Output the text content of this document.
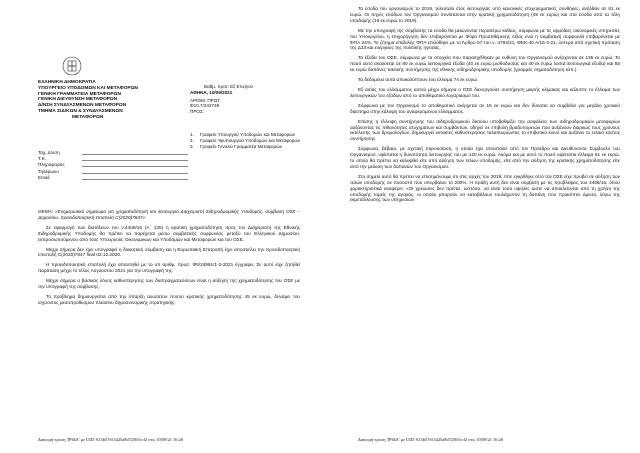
ΕΛΛΗΝΙΚΗ ΔΗΜΟΚΡΑΤΙΑ
ΥΠΟΥΡΓΕΙΟ ΥΠΟΔΟΜΩΝ ΚΑΙ ΜΕΤΑΦΟΡΩΝ
ΓΕΝΙΚΗ ΓΡΑΜΜΑΤΕΙΑ ΜΕΤΑΦΟΡΩΝ
ΓΕΝΙΚΗ ΔΙΕΥΘΥΝΣΗ ΜΕΤΑΦΟΡΩΝ
Δ/ΝΣΗ ΣΥΝΔΥΑΣΜΕΝΩΝ ΜΕΤΑΦΟΡΩΝ
ΤΜΗΜΑ ΣΙΔ/ΚΩΝ & ΣΥΝΔΥΑΣΜΕΝΩΝ
ΜΕΤΑΦΟΡΩΝ
Βαθμ. προτ: Εξ Επείγον
ΑΘΗΝΑ, 10/09/2021
ΑΡΙΘΜ. ΠΡΩΤ.
Φ10.7/242749
ΠΡΟΣ:
1.	Γραφείο Υπουργού Υποδομών και Μεταφορών
2.	Γραφείο Υφυπουργού Υποδομών και Μεταφορών
3.	Γραφείο Γενικού Γραμματέα Μεταφορών
Ταχ. Δ/νση
Τ.Κ.
Πληροφορίες
Τηλέφωνο
Email

ΘΕΜΑ: «Ενημερωτικό σημείωμα για χρηματοδότηση και λειτουργία Διαχειριστή Σιδηροδρομικής Υποδομής, σύμβαση ΟΣΕ – Δημοσίου, προειδοποιητική επιστολή C(2020)7847»

Σε εφαρμογή των διατάξεων του ν.4408/16 (Α΄ 135) η κρατική χρηματοδότηση προς τον Διαχειριστή της Εθνικής Σιδηροδρομικής Υποδομής θα πρέπει να παρέχεται μέσω συμβατικής συμφωνίας μεταξύ του Ελληνικού Δημοσίου, εκπροσωπούμενου από τους Υπουργούς Οικονομικών και Υποδομών και Μεταφορών και του ΟΣΕ.

Μέχρι σήμερα δεν έχει υπογραφεί η διοικητική σύμβαση και η Ευρωπαϊκή Επιτροπή έχει αποστείλει την προειδοποιητική επιστολή C(2020)7847 final 02.12.2020.

Η προειδοποιητική επιστολή έχει απαντηθεί με το υπ αριθμ. πρωτ. Φ5/24991/1-2-2021 έγγραφο. Σε αυτό είχε ζητηθεί παράταση μέχρι το τέλος Αυγούστου 2021 για την υπογραφή της.

Μέχρι σήμερα ο βασικός λόγος καθυστέρησης των διαπραγματεύσεων είναι η αύξηση της χρηματοδότησης του ΟΣΕ με την υπογραφή της σύμβασης.

Το πρόβλημα δημιουργείται από την ύπαρξη ανώτατου ποσού κρατικής χρηματοδότησης 45 εκ ευρώ, δυνάμει του ισχύοντος μεσοπρόθεσμου πλαισίου δημοσιονομικής στρατηγικής.

Διανομή πρώτη 'ΙΡΙΔΑ' με UID: 613b57e53425a8d72565ccf2 στις 10/09/21 16:20

Τα έσοδα του οργανισμού το 2019, τελευταίο έτος λειτουργίας υπό κανονικές επιχειρηματικές συνθήκες, ανήλθαν σε 81 εκ ευρώ. Οι πηγές εσόδων του Οργανισμού συνίστανται στην κρατική χρηματοδότηση (45 εκ ευρώ) και στα έσοδα από τα τέλη υποδομής (16 εκ ευρώ το 2019).

Με την υπογραφή της σύμβασης τα έσοδα θα μειώνονται περαιτέρω καθώς, σύμφωνα με τις αρμόδιες οικονομικές υπηρεσίες του Υπουργείου, η επιχορήγηση δεν επιβαρύνεται με Φόρο Προστιθέμενης Αξίας ενώ η συμβατική συμφωνία επιβαρύνεται με ΦΠΑ 24%. Το ζήτημα επιβολής ΦΠΑ επιλύθηκε με το Άρθρο 57 του ν. 4784/21, ΦΕΚ-40 Α/16-3-21, ύστερα από σχετική πρόταση της Δ33 και ενέργειες της πολιτικής ηγεσίας.

Τα έξοδα του ΟΣΕ, σύμφωνα με τα στοιχεία που παρασχέθηκαν με ευθύνη του Οργανισμού ανέρχονται σε 135 εκ ευρώ. Το ποσό αυτό αναλύεται σε 80 εκ ευρώ λειτουργικά έξοδα (40 εκ ευρώ μισθοδοσίας και 40 εκ ευρώ λοιπά λειτουργικά έξοδα) και 55 εκ ευρώ δαπάνες τακτικής συντήρησης της εθνικής σιδηροδρομικής υποδομής (γραμμές σηματοδότηση κλπ.)

Τα δεδομένα αυτά αποκαλύπτουν ένα έλλειμα 74 εκ ευρώ.

Εξ αιτίας του ελλείμματος αυτού μέχρι σήμερα ο ΟΣΕ διενεργούσε συντήρηση μικρής κλίμακας και κάλυπτε το έλλειμα των λειτουργικών του εξόδων από το αποθεματικό λογαριασμό του.

Σύμφωνα με τον Οργανισμό το αποθεματικό ανέρχεται σε 15 εκ ευρώ και δεν δύναται να συμβάλει για μεγάλο χρονικό διάστημα στην κάλυψη του αναφερόμενου ελλείμματος.

Επίσης η έλλειψη συντήρησης του σιδηροδρομικού δικτύου υποβαθμίζει την ασφάλεια των σιδηροδρομικών μεταφορών αυξάνοντας τις πιθανότητες ατυχημάτων και συμβάντων, οδηγεί σε επιβολή βραδυπορειών που αυξάνουν διαρκώς τους χρόνους εκτέλεσης των δρομολογίων, δημιουργεί εκτακτες καθυστερήσεις ταλαιπωρώντας το επιβατικό κοινό και αυξάνει το τελικό κόστος συντήρησης.

Σύμφωνα, βέβαια, με σχετική παρουσίαση, η οποία έχει αποσταλεί από τον Πρόεδρο και Διευθύνοντα Σύμβουλο του Οργανισμού, υφίσταται η δυνατότητα λειτουργίας του με 120 εκ ευρώ. Ακόμα και με αυτό το ποσό υφίσταται έλλειμα 51 εκ ευρώ, το οποίο θα πρέπει να καλυφθεί είτε από αύξηση των τελών υποδομής, είτε από την αύξηση της κρατικής χρηματοδότησης είτε από την μείωση των δαπανών του Οργανισμού.

Στο σημείο αυτό θα πρέπει να επισημάνουμε ότι στις αρχές του 2019, τότε εγκρίθηκε από τον ΟΣΕ είχε προβεί σε αύξηση των τελών υποδομής σε ποσοστό που υπερβαίνει το 200%. Η πράξη αυτή δεν είναι συμβατή με τις προβλέψεις του 4408/16, όπου χαρακτηριστικά αναφέρει: «Οι χρεώσεις δεν πρέπει, ωστόσο, να είναι τόσο υψηλές ώστε να αποκλείονται από τη χρήση της υποδομής τομείς της αγοράς, οι οποίοι μπορούν να καταβάλουν τουλάχιστον τη δαπάνη που προκύπτει άμεσα, λόγω της εκμετάλλευσης των υπηρεσιών

Διανομή πρώτη 'ΙΡΙΔΑ' με UID: 613b57e53425a8d72565ccf2 στις 10/09/21 16:20
